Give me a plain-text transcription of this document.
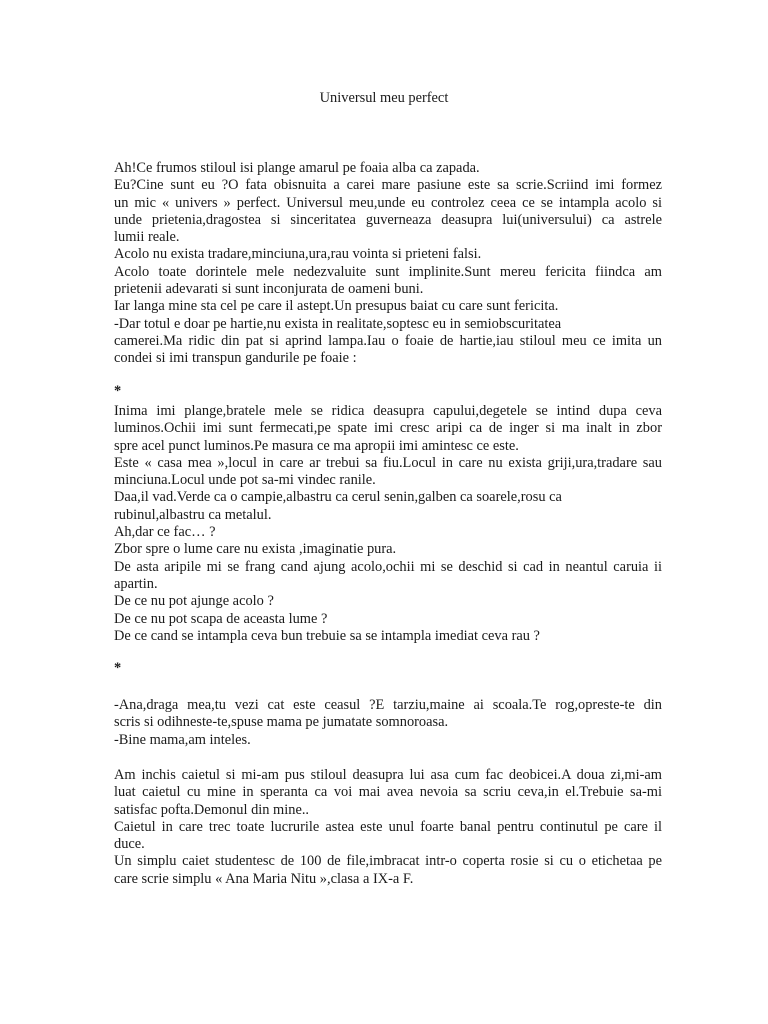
Universul meu perfect
Ah!Ce frumos stiloul isi plange amarul pe foaia alba ca zapada.
Eu?Cine sunt eu ?O fata obisnuita a carei mare pasiune este sa scrie.Scriind imi formez
un mic « univers » perfect. Universul meu,unde eu controlez ceea ce se intampla acolo si
unde prietenia,dragostea si sinceritatea guverneaza deasupra lui(universului) ca astrele
lumii reale.
Acolo nu exista tradare,minciuna,ura,rau vointa si prieteni falsi.
Acolo toate dorintele mele nedezvaluite sunt implinite.Sunt mereu fericita fiindca am
prietenii adevarati si sunt inconjurata de oameni buni.
Iar langa mine sta cel pe care il astept.Un presupus baiat cu care sunt fericita.
-Dar totul e doar pe hartie,nu exista in realitate,soptesc eu in semiobscuritatea
camerei.Ma ridic din pat si aprind lampa.Iau o foaie de hartie,iau stiloul meu ce imita un
condei si imi transpun gandurile pe foaie :
*
Inima imi plange,bratele mele se ridica deasupra capului,degetele se intind dupa ceva
luminos.Ochii imi sunt fermecati,pe spate imi cresc aripi ca de inger si ma inalt in zbor
spre acel punct luminos.Pe masura ce ma apropii imi amintesc ce este.
Este « casa mea »,locul in care ar trebui sa fiu.Locul in care nu exista griji,ura,tradare sau
minciuna.Locul unde pot sa-mi vindec ranile.
Daa,il vad.Verde ca o campie,albastru ca cerul senin,galben ca soarele,rosu ca
rubinul,albastru ca metalul.
Ah,dar ce fac… ?
Zbor spre o lume care nu exista ,imaginatie pura.
De asta aripile mi se frang cand ajung acolo,ochii mi se deschid si cad in neantul caruia ii
apartin.
De ce nu pot ajunge acolo ?
De ce nu pot scapa de aceasta lume ?
De ce cand se intampla ceva bun trebuie sa se intampla imediat ceva rau ?
*
-Ana,draga mea,tu vezi cat este ceasul ?E tarziu,maine ai scoala.Te rog,opreste-te din
scris si odihneste-te,spuse mama pe jumatate somnoroasa.
-Bine mama,am inteles.
Am inchis caietul si mi-am pus stiloul deasupra lui asa cum fac deobicei.A doua zi,mi-am
luat caietul cu mine in speranta ca voi mai avea nevoia sa scriu ceva,in el.Trebuie sa-mi
satisfac pofta.Demonul din mine..
Caietul in care trec toate lucrurile astea este unul foarte banal pentru continutul pe care il
duce.
Un simplu caiet studentesc de 100 de file,imbracat intr-o coperta rosie si cu o etichetaa pe
care scrie simplu « Ana Maria Nitu »,clasa a IX-a F.
